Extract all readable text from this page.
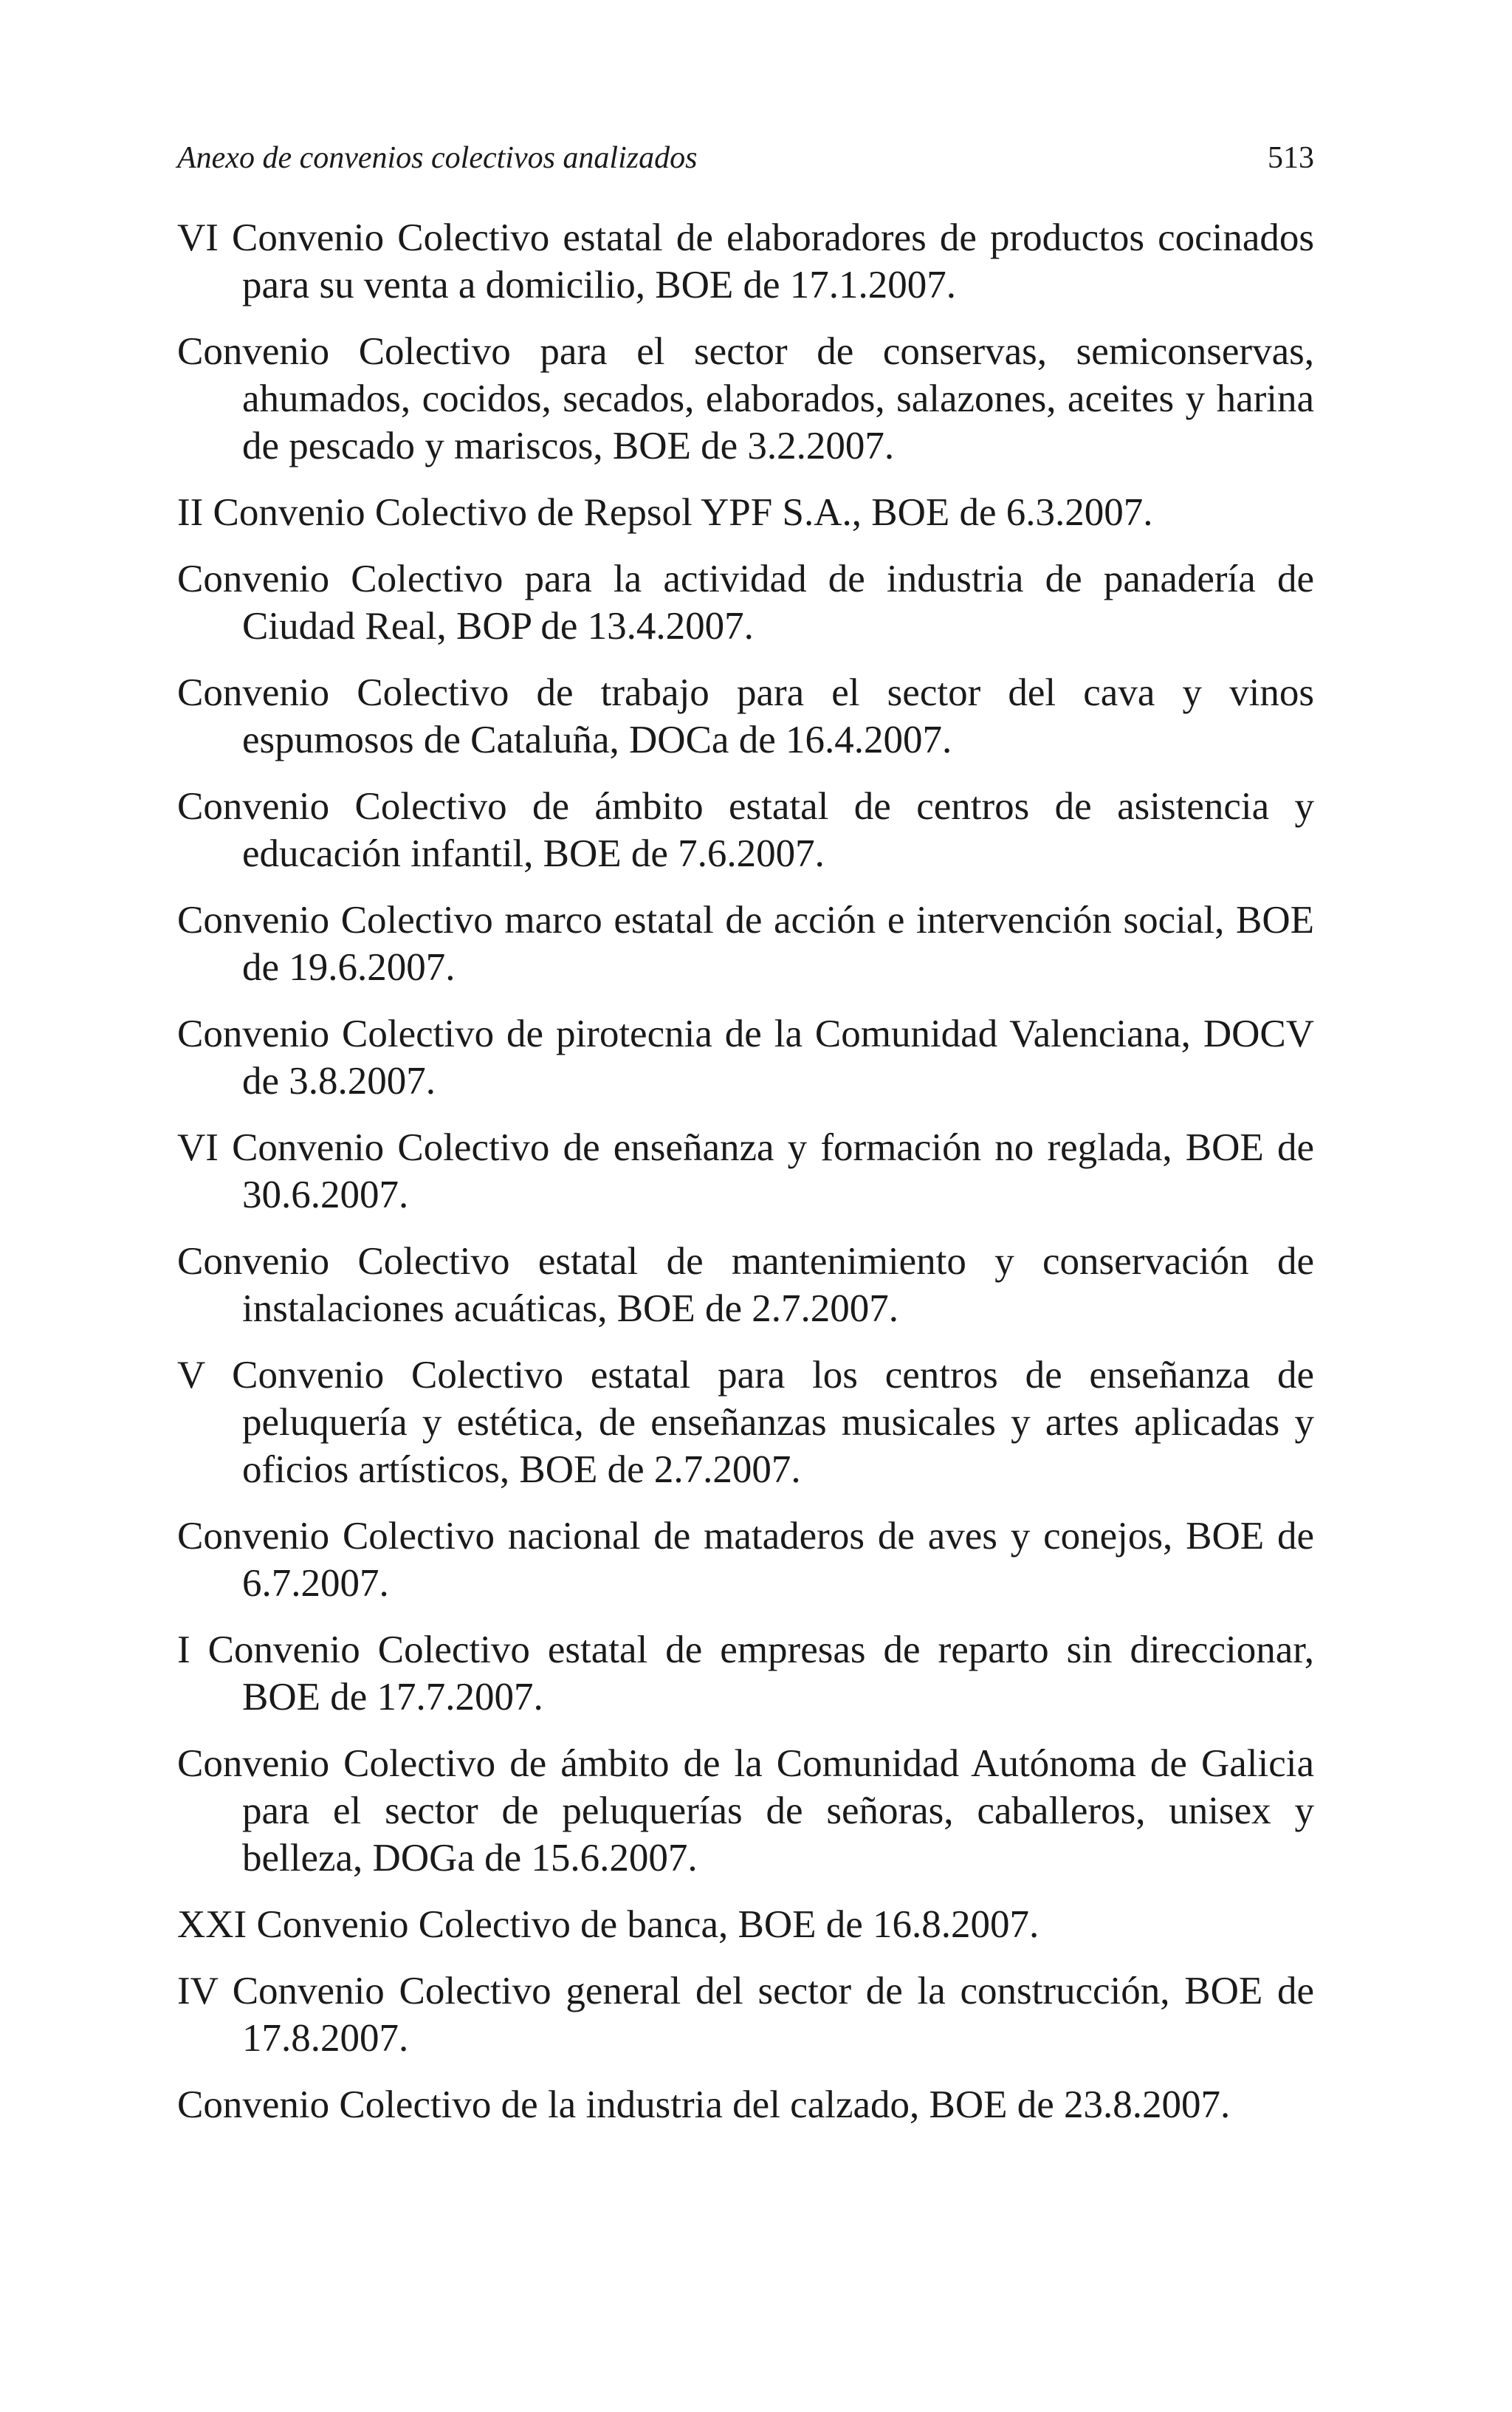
Anexo de convenios colectivos analizados	513
VI Convenio Colectivo estatal de elaboradores de productos cocinados para su venta a domicilio, BOE de 17.1.2007.
Convenio Colectivo para el sector de conservas, semiconservas, ahumados, cocidos, secados, elaborados, salazones, aceites y harina de pescado y mariscos, BOE de 3.2.2007.
II Convenio Colectivo de Repsol YPF S.A., BOE de 6.3.2007.
Convenio Colectivo para la actividad de industria de panadería de Ciudad Real, BOP de 13.4.2007.
Convenio Colectivo de trabajo para el sector del cava y vinos espumosos de Cataluña, DOCa de 16.4.2007.
Convenio Colectivo de ámbito estatal de centros de asistencia y educación infantil, BOE de 7.6.2007.
Convenio Colectivo marco estatal de acción e intervención social, BOE de 19.6.2007.
Convenio Colectivo de pirotecnia de la Comunidad Valenciana, DOCV de 3.8.2007.
VI Convenio Colectivo de enseñanza y formación no reglada, BOE de 30.6.2007.
Convenio Colectivo estatal de mantenimiento y conservación de instalaciones acuáticas, BOE de 2.7.2007.
V Convenio Colectivo estatal para los centros de enseñanza de peluquería y estética, de enseñanzas musicales y artes aplicadas y oficios artísticos, BOE de 2.7.2007.
Convenio Colectivo nacional de mataderos de aves y conejos, BOE de 6.7.2007.
I Convenio Colectivo estatal de empresas de reparto sin direccionar, BOE de 17.7.2007.
Convenio Colectivo de ámbito de la Comunidad Autónoma de Galicia para el sector de peluquerías de señoras, caballeros, unisex y belleza, DOGa de 15.6.2007.
XXI Convenio Colectivo de banca, BOE de 16.8.2007.
IV Convenio Colectivo general del sector de la construcción, BOE de 17.8.2007.
Convenio Colectivo de la industria del calzado, BOE de 23.8.2007.
